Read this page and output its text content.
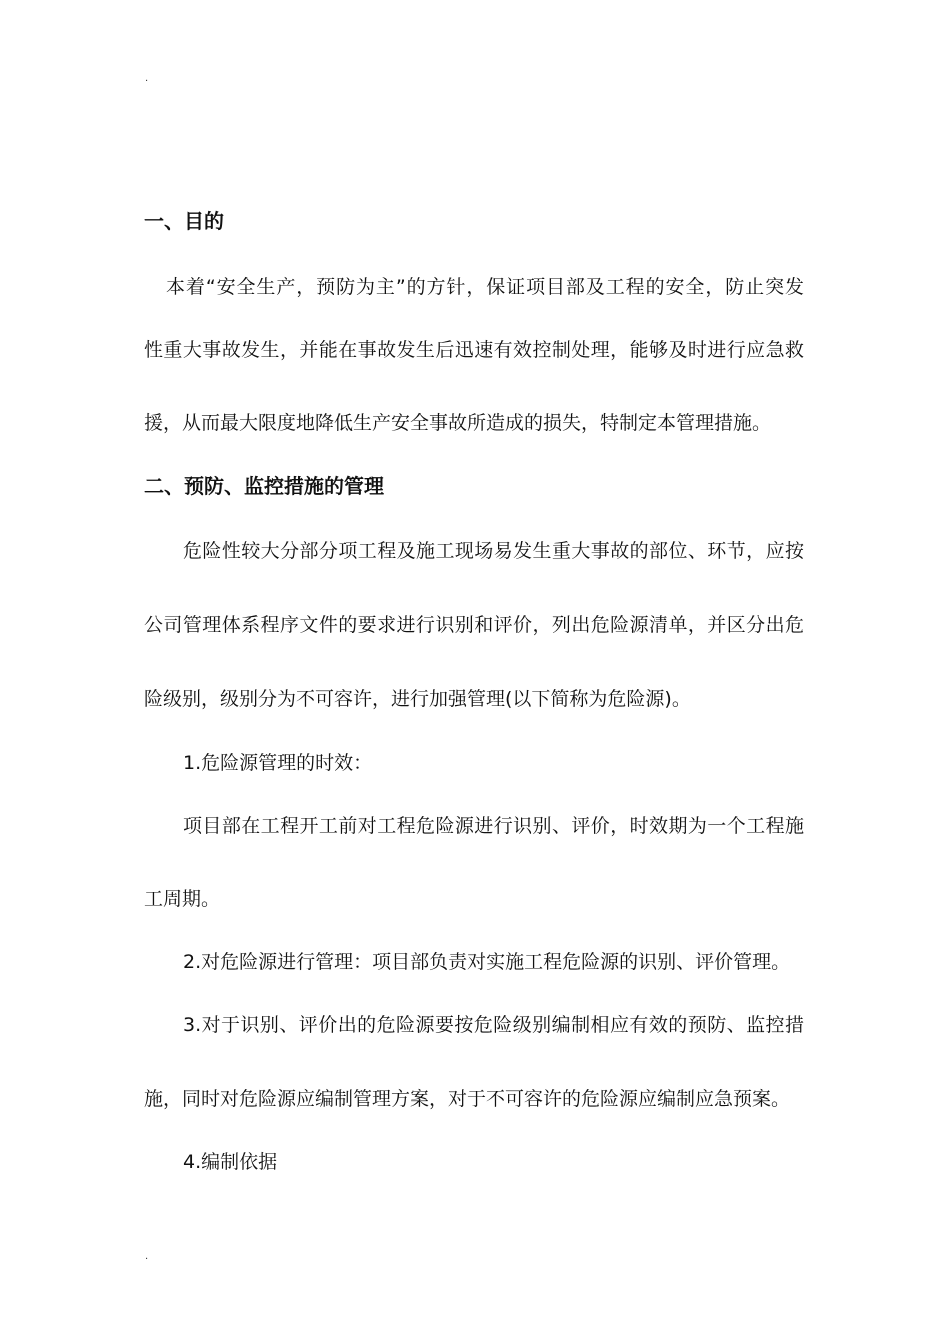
.
一、目的
本着“安全生产，预防为主”的方针，保证项目部及工程的安全，防止突发
性重大事故发生，并能在事故发生后迅速有效控制处理，能够及时进行应急救
援，从而最大限度地降低生产安全事故所造成的损失，特制定本管理措施。
二、预防、监控措施的管理
危险性较大分部分项工程及施工现场易发生重大事故的部位、环节，应按
公司管理体系程序文件的要求进行识别和评价，列出危险源清单，并区分出危
险级别，级别分为不可容许，进行加强管理(以下简称为危险源)。
1.危险源管理的时效：
项目部在工程开工前对工程危险源进行识别、评价，时效期为一个工程施
工周期。
2.对危险源进行管理：项目部负责对实施工程危险源的识别、评价管理。
3.对于识别、评价出的危险源要按危险级别编制相应有效的预防、监控措
施，同时对危险源应编制管理方案，对于不可容许的危险源应编制应急预案。
4.编制依据
.
